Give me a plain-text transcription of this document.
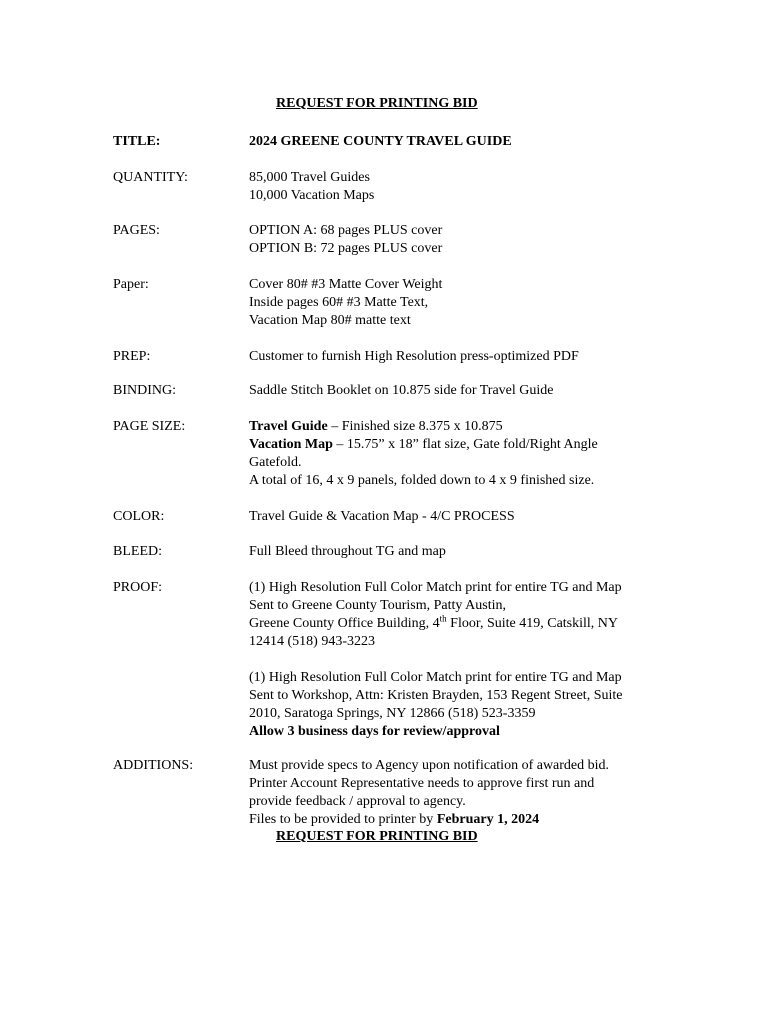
REQUEST FOR PRINTING BID
TITLE:	2024 GREENE COUNTY TRAVEL GUIDE
QUANTITY:	85,000 Travel Guides
10,000 Vacation Maps
PAGES:	OPTION A: 68 pages PLUS cover
OPTION B: 72 pages PLUS cover
Paper:	Cover 80# #3 Matte Cover Weight
Inside pages 60# #3 Matte Text,
Vacation Map 80# matte text
PREP:	Customer to furnish High Resolution press-optimized PDF
BINDING:	Saddle Stitch Booklet on 10.875 side for Travel Guide
PAGE SIZE:	Travel Guide – Finished size 8.375 x 10.875
Vacation Map – 15.75” x 18” flat size, Gate fold/Right Angle
Gatefold.
A total of 16, 4 x 9 panels, folded down to 4 x 9 finished size.
COLOR:	Travel Guide & Vacation Map - 4/C PROCESS
BLEED:	Full Bleed throughout TG and map
PROOF:	(1) High Resolution Full Color Match print for entire TG and Map
Sent to Greene County Tourism, Patty Austin,
Greene County Office Building, 4th Floor, Suite 419, Catskill, NY
12414 (518) 943-3223
(1) High Resolution Full Color Match print for entire TG and Map
Sent to Workshop, Attn: Kristen Brayden, 153 Regent Street, Suite
2010, Saratoga Springs, NY 12866 (518) 523-3359
Allow 3 business days for review/approval
ADDITIONS:	Must provide specs to Agency upon notification of awarded bid.
Printer Account Representative needs to approve first run and
provide feedback / approval to agency.
Files to be provided to printer by February 1, 2024
REQUEST FOR PRINTING BID
